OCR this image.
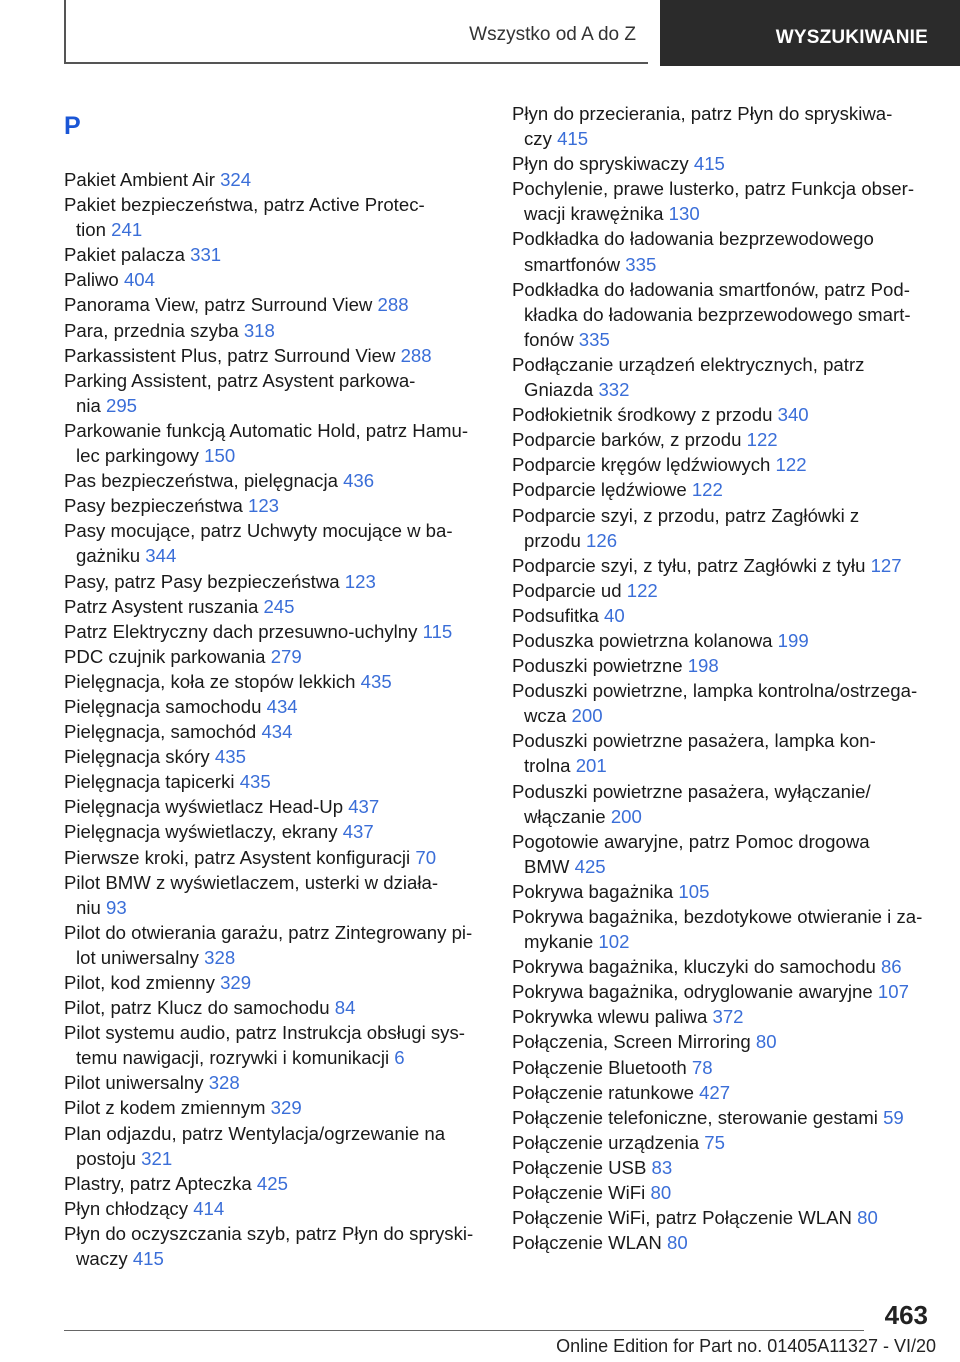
Wszystko od A do Z	WYSZUKIWANIE
P
Pakiet Ambient Air 324
Pakiet bezpieczeństwa, patrz Active Protec-
tion 241
Pakiet palacza 331
Paliwo 404
Panorama View, patrz Surround View 288
Para, przednia szyba 318
Parkassistent Plus, patrz Surround View 288
Parking Assistent, patrz Asystent parkowa-
nia 295
Parkowanie funkcją Automatic Hold, patrz Hamu-
lec parkingowy 150
Pas bezpieczeństwa, pielęgnacja 436
Pasy bezpieczeństwa 123
Pasy mocujące, patrz Uchwyty mocujące w ba-
gażniku 344
Pasy, patrz Pasy bezpieczeństwa 123
Patrz Asystent ruszania 245
Patrz Elektryczny dach przesuwno-uchylny 115
PDC czujnik parkowania 279
Pielęgnacja, koła ze stopów lekkich 435
Pielęgnacja samochodu 434
Pielęgnacja, samochód 434
Pielęgnacja skóry 435
Pielęgnacja tapicerki 435
Pielęgnacja wyświetlacz Head-Up 437
Pielęgnacja wyświetlaczy, ekrany 437
Pierwsze kroki, patrz Asystent konfiguracji 70
Pilot BMW z wyświetlaczem, usterki w działa-
niu 93
Pilot do otwierania garażu, patrz Zintegrowany pi-
lot uniwersalny 328
Pilot, kod zmienny 329
Pilot, patrz Klucz do samochodu 84
Pilot systemu audio, patrz Instrukcja obsługi sys-
temu nawigacji, rozrywki i komunikacji 6
Pilot uniwersalny 328
Pilot z kodem zmiennym 329
Plan odjazdu, patrz Wentylacja/ogrzewanie na
postoju 321
Plastry, patrz Apteczka 425
Płyn chłodzący 414
Płyn do oczyszczania szyb, patrz Płyn do spryski-
waczy 415
Płyn do przecierania, patrz Płyn do spryskiwa-
czy 415
Płyn do spryskiwaczy 415
Pochylenie, prawe lusterko, patrz Funkcja obser-
wacji krawężnika 130
Podkładka do ładowania bezprzewodowego
smartfonów 335
Podkładka do ładowania smartfonów, patrz Pod-
kładka do ładowania bezprzewodowego smart-
fonów 335
Podłączanie urządzeń elektrycznych, patrz
Gniazda 332
Podłokietnik środkowy z przodu 340
Podparcie barków, z przodu 122
Podparcie kręgów lędźwiowych 122
Podparcie lędźwiowe 122
Podparcie szyi, z przodu, patrz Zagłówki z
przodu 126
Podparcie szyi, z tyłu, patrz Zagłówki z tyłu 127
Podparcie ud 122
Podsufitka 40
Poduszka powietrzna kolanowa 199
Poduszki powietrzne 198
Poduszki powietrzne, lampka kontrolna/ostrzega-
wcza 200
Poduszki powietrzne pasażera, lampka kon-
trolna 201
Poduszki powietrzne pasażera, wyłączanie/
włączanie 200
Pogotowie awaryjne, patrz Pomoc drogowa
BMW 425
Pokrywa bagażnika 105
Pokrywa bagażnika, bezdotykowe otwieranie i za-
mykanie 102
Pokrywa bagażnika, kluczyki do samochodu 86
Pokrywa bagażnika, odryglowanie awaryjne 107
Pokrywka wlewu paliwa 372
Połączenia, Screen Mirroring 80
Połączenie Bluetooth 78
Połączenie ratunkowe 427
Połączenie telefoniczne, sterowanie gestami 59
Połączenie urządzenia 75
Połączenie USB 83
Połączenie WiFi 80
Połączenie WiFi, patrz Połączenie WLAN 80
Połączenie WLAN 80
463
Online Edition for Part no. 01405A11327 - VI/20
